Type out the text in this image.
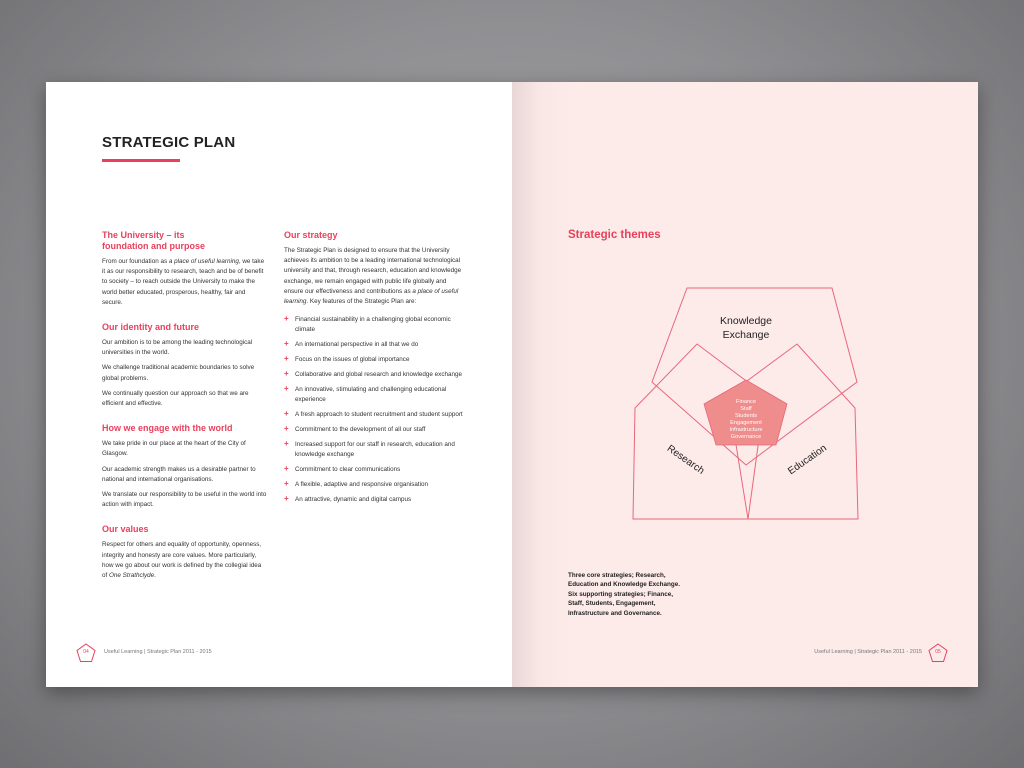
STRATEGIC PLAN
The University – its
foundation and purpose

From our foundation as a place of useful learning, we take it as our responsibility to research, teach and be of benefit to society – to reach outside the University to make the world better educated, prosperous, healthy, fair and secure.

Our identity and future

Our ambition is to be among the leading technological universities in the world.

We challenge traditional academic boundaries to solve global problems.

We continually question our approach so that we are efficient and effective.

How we engage with the world

We take pride in our place at the heart of the City of Glasgow.

Our academic strength makes us a desirable partner to national and international organisations.

We translate our responsibility to be useful in the world into action with impact.

Our values

Respect for others and equality of opportunity, openness, integrity and honesty are core values. More particularly, how we go about our work is defined by the collegial idea of One Strathclyde.

Our strategy

The Strategic Plan is designed to ensure that the University achieves its ambition to be a leading international technological university and that, through research, education and knowledge exchange, we remain engaged with public life globally and ensure our effectiveness and contributions as a place of useful learning. Key features of the Strategic Plan are:

+ Financial sustainability in a challenging global economic climate
+ An international perspective in all that we do
+ Focus on the issues of global importance
+ Collaborative and global research and knowledge exchange
+ An innovative, stimulating and challenging educational experience
+ A fresh approach to student recruitment and student support
+ Commitment to the development of all our staff
+ Increased support for our staff in research, education and knowledge exchange
+ Commitment to clear communications
+ A flexible, adaptive and responsive organisation
+ An attractive, dynamic and digital campus
04	Useful Learning | Strategic Plan 2011 - 2015
Strategic themes
Knowledge
Exchange
Research	Education
Finance
Staff
Students
Engagement
Infrastructure
Governance
Three core strategies; Research, Education and Knowledge Exchange. Six supporting strategies; Finance, Staff, Students, Engagement, Infrastructure and Governance.
Useful Learning | Strategic Plan 2011 - 2015	05
